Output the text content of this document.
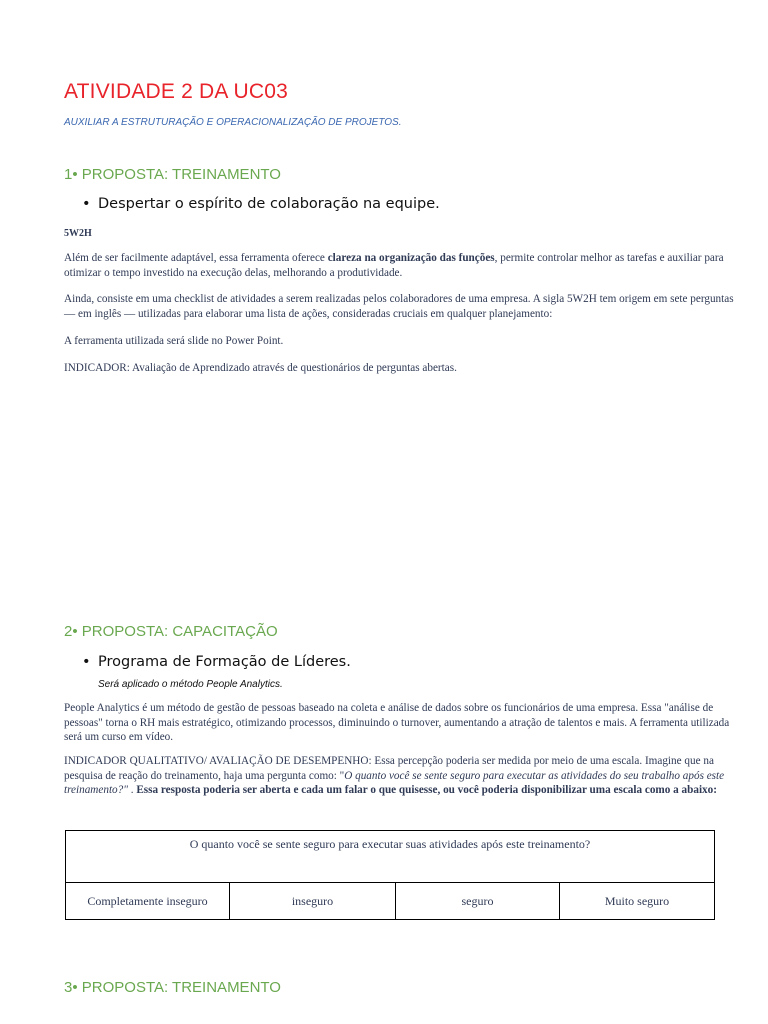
ATIVIDADE 2 DA UC03
AUXILIAR A ESTRUTURAÇÃO E OPERACIONALIZAÇÃO DE PROJETOS.
1• PROPOSTA: TREINAMENTO
• Despertar o espírito de colaboração na equipe.
5W2H
Além de ser facilmente adaptável, essa ferramenta oferece clareza na organização das funções, permite controlar melhor as tarefas e auxiliar para otimizar o tempo investido na execução delas, melhorando a produtividade.
Ainda, consiste em uma checklist de atividades a serem realizadas pelos colaboradores de uma empresa. A sigla 5W2H tem origem em sete perguntas — em inglês — utilizadas para elaborar uma lista de ações, consideradas cruciais em qualquer planejamento:
A ferramenta utilizada será slide no Power Point.
INDICADOR: Avaliação de Aprendizado através de questionários de perguntas abertas.
2• PROPOSTA: CAPACITAÇÃO
• Programa de Formação de Líderes.
Será aplicado o método People Analytics.
People Analytics é um método de gestão de pessoas baseado na coleta e análise de dados sobre os funcionários de uma empresa. Essa "análise de pessoas" torna o RH mais estratégico, otimizando processos, diminuindo o turnover, aumentando a atração de talentos e mais. A ferramenta utilizada será um curso em vídeo.
INDICADOR QUALITATIVO/ AVALIAÇÃO DE DESEMPENHO: Essa percepção poderia ser medida por meio de uma escala. Imagine que na pesquisa de reação do treinamento, haja uma pergunta como: "O quanto você se sente seguro para executar as atividades do seu trabalho após este treinamento?" . Essa resposta poderia ser aberta e cada um falar o que quisesse, ou você poderia disponibilizar uma escala como a abaixo:
O quanto você se sente seguro para executar suas atividades após este treinamento?
Completamente inseguro	inseguro	seguro	Muito seguro
3• PROPOSTA: TREINAMENTO
